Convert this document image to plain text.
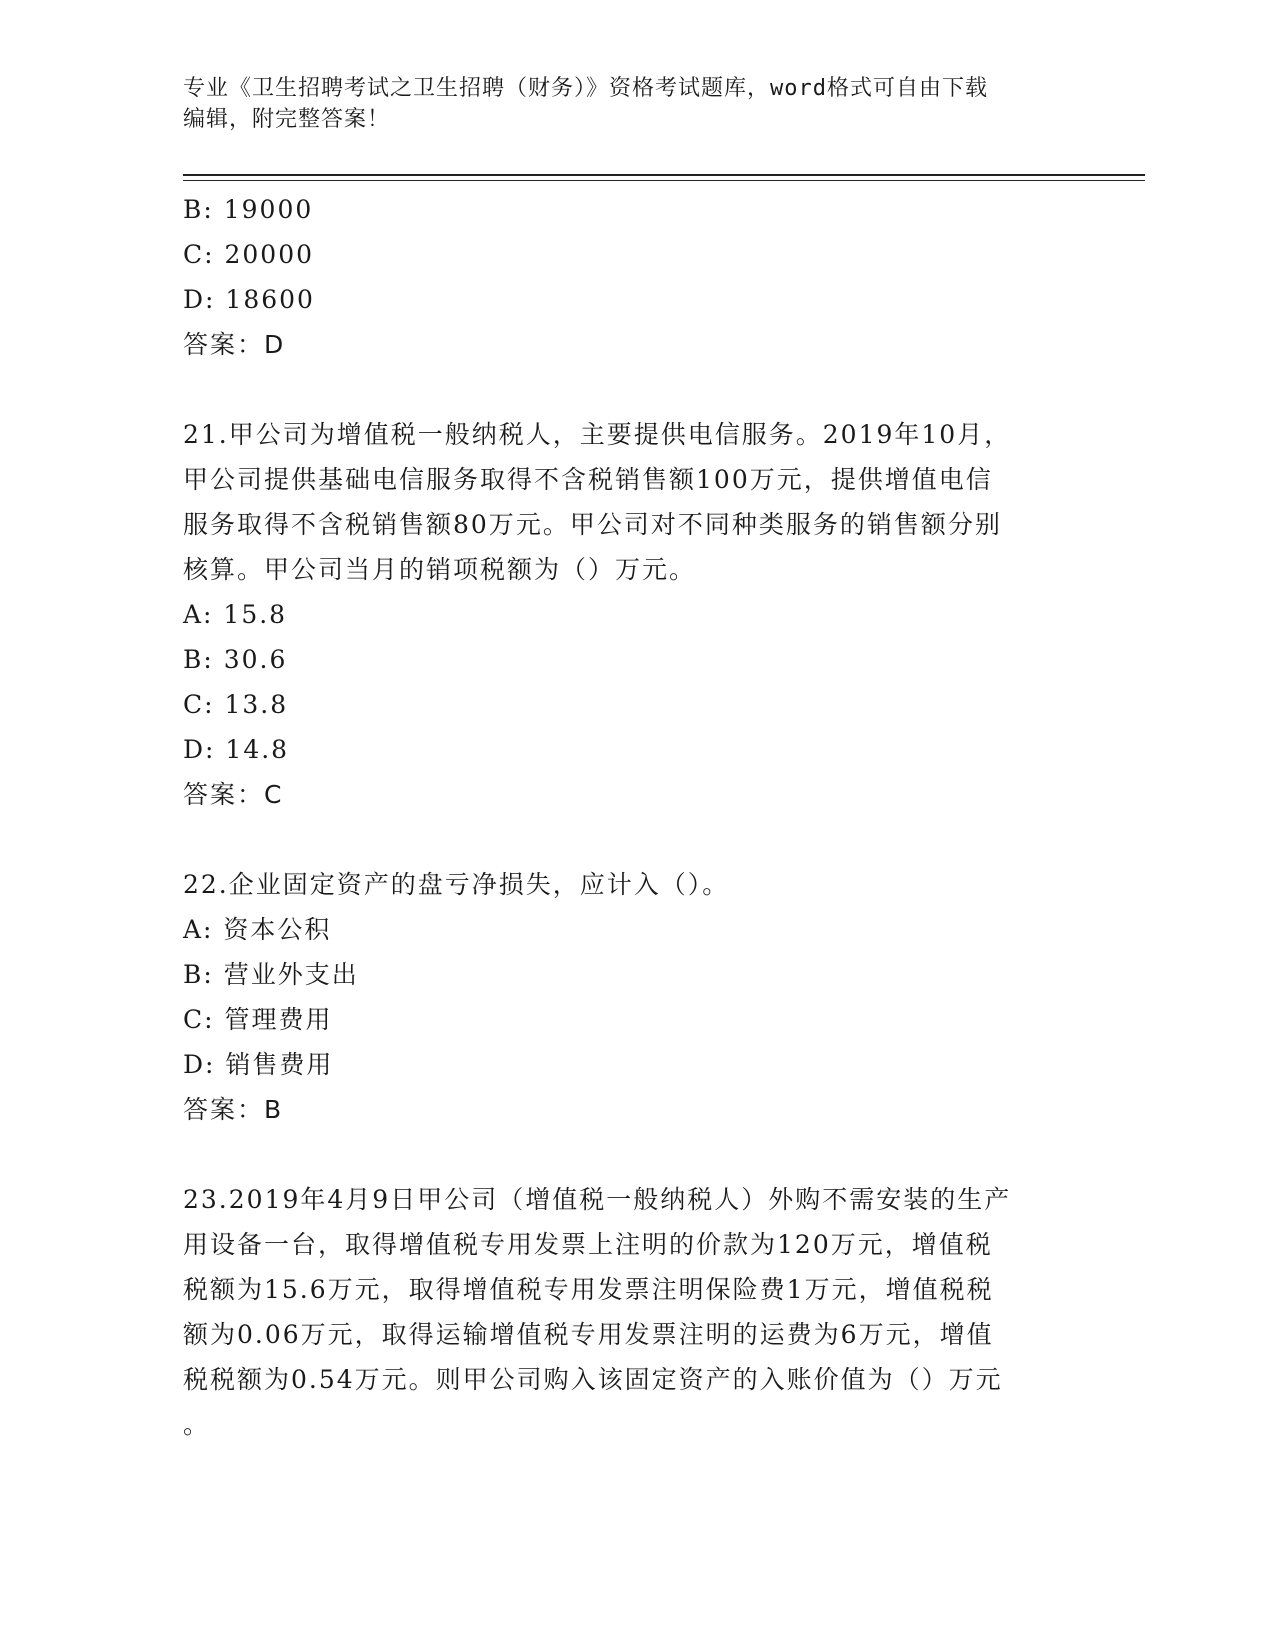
专业《卫生招聘考试之卫生招聘（财务）》资格考试题库，word格式可自由下载
编辑，附完整答案！
B: 19000
C: 20000
D: 18600
答案：D
21.甲公司为增值税一般纳税人，主要提供电信服务。2019年10月，
甲公司提供基础电信服务取得不含税销售额100万元，提供增值电信
服务取得不含税销售额80万元。甲公司对不同种类服务的销售额分别
核算。甲公司当月的销项税额为（）万元。
A: 15.8
B: 30.6
C: 13.8
D: 14.8
答案：C
22.企业固定资产的盘亏净损失，应计入（）。
A: 资本公积
B: 营业外支出
C: 管理费用
D: 销售费用
答案：B
23.2019年4月9日甲公司（增值税一般纳税人）外购不需安装的生产
用设备一台，取得增值税专用发票上注明的价款为120万元，增值税
税额为15.6万元，取得增值税专用发票注明保险费1万元，增值税税
额为0.06万元，取得运输增值税专用发票注明的运费为6万元，增值
税税额为0.54万元。则甲公司购入该固定资产的入账价值为（）万元
。
